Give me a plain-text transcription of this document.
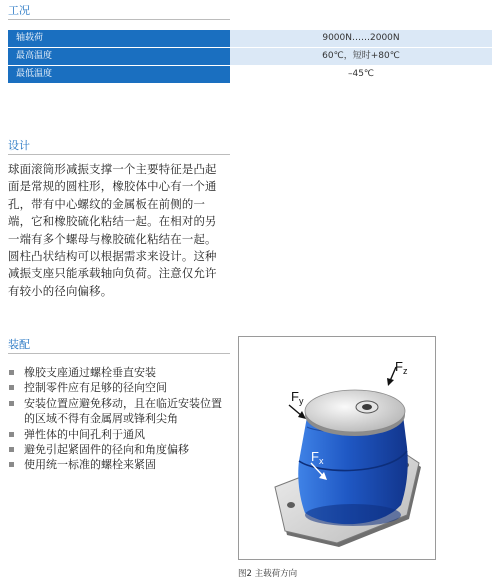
工况
轴载荷	9000N……2000N
最高温度	60℃，短时+80℃
最低温度	–45℃
设计
球面滚筒形减振支撑一个主要特征是凸起面是常规的圆柱形，橡胶体中心有一个通孔，带有中心螺纹的金属板在前侧的一端，它和橡胶硫化粘结一起。在相对的另一端有多个螺母与橡胶硫化粘结在一起。
圆柱凸状结构可以根据需求来设计。这种减振支座只能承载轴向负荷。注意仅允许有较小的径向偏移。
装配
橡胶支座通过螺栓垂直安装
控制零件应有足够的径向空间
安装位置应避免移动，且在临近安装位置的区域不得有金属屑或锋利尖角
弹性体的中间孔利于通风
避免引起紧固件的径向和角度偏移
使用统一标准的螺栓来紧固
$F_z$
$F_y$
$F_x$
图2 主载荷方向
